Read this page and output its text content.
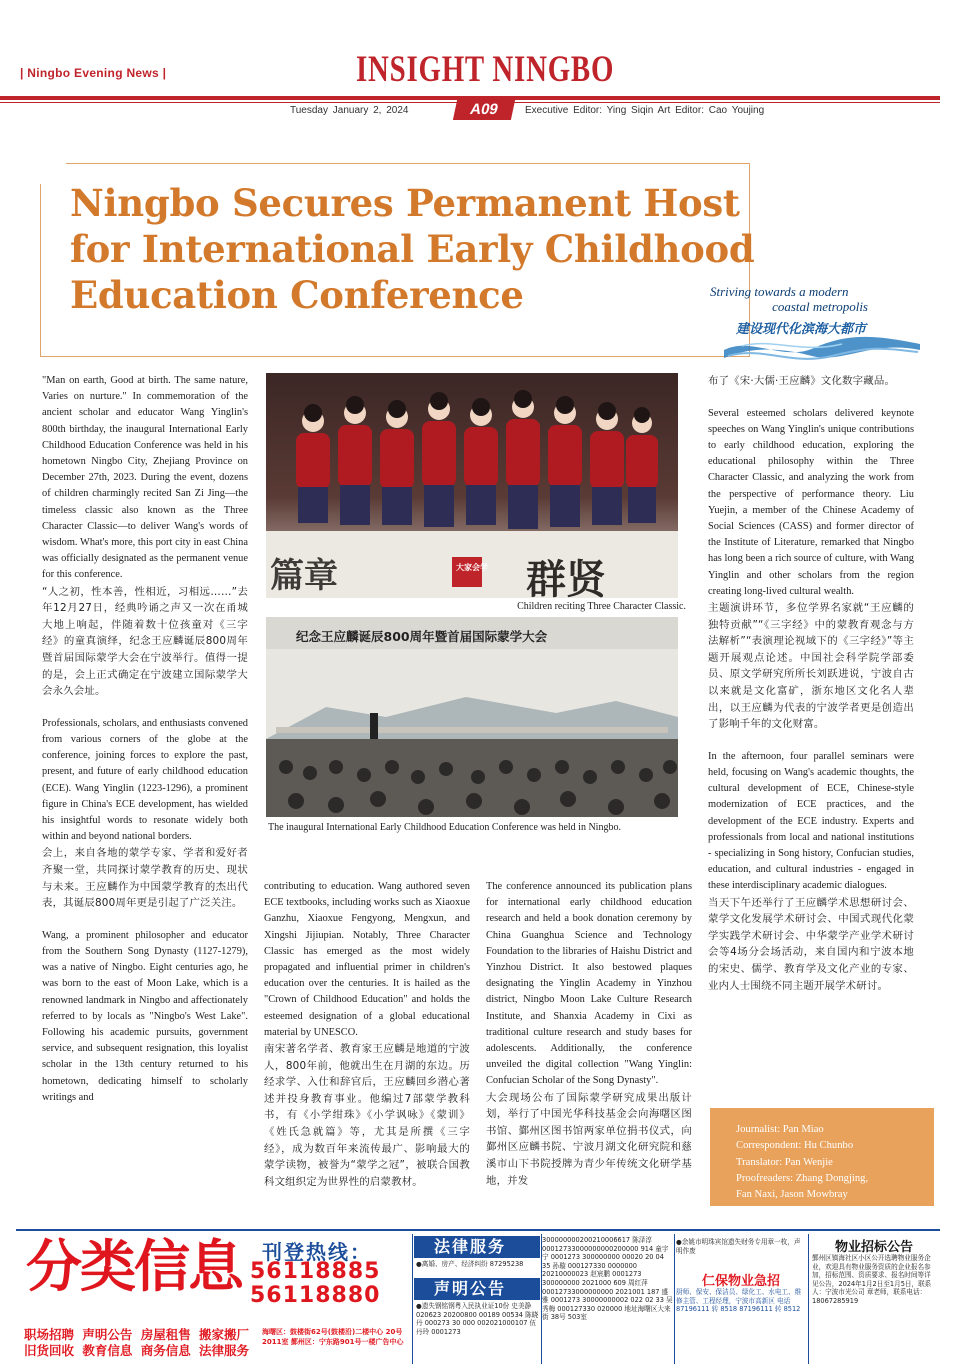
| Ningbo Evening News |	INSIGHT NINGBO
A09
Tuesday January 2, 2024	Executive Editor: Ying Siqin Art Editor: Cao Youjing
Ningbo Secures Permanent Host for International Early Childhood Education Conference	Striving towards a modern
coastal metropolis
建设现代化滨海大都市

"Man on earth, Good at birth. The same nature, Varies on nurture." In commemoration of the ancient scholar and educator Wang Yinglin's 800th birthday, the inaugural International Early Childhood Education Conference was held in his hometown Ningbo City, Zhejiang Province on December 27th, 2023. During the event, dozens of children charmingly recited San Zi Jing—the timeless classic also known as the Three Character Classic—to deliver Wang's words of wisdom. What's more, this port city in east China was officially designated as the permanent venue for this conference.

“人之初，性本善，性相近，习相远……”去年12月27日，经典吟诵之声又一次在甬城大地上响起，伴随着数十位孩童对《三字经》的童真演绎，纪念王应麟诞辰800周年暨首届国际蒙学大会在宁波举行。值得一提的是，会上正式确定在宁波建立国际蒙学大会永久会址。

Professionals, scholars, and enthusiasts convened from various corners of the globe at the conference, joining forces to explore the past, present, and future of early childhood education (ECE). Wang Yinglin (1223-1296), a prominent figure in China's ECE development, has wielded his insightful words to resonate widely both within and beyond national borders.

会上，来自各地的蒙学专家、学者和爱好者齐聚一堂，共同探讨蒙学教育的历史、现状与未来。王应麟作为中国蒙学教育的杰出代表，其诞辰800周年更是引起了广泛关注。

Wang, a prominent philosopher and educator from the Southern Song Dynasty (1127-1279), was a native of Ningbo. Eight centuries ago, he was born to the east of Moon Lake, which is a renowned landmark in Ningbo and affectionately referred to by locals as "Ningbo's West Lake". Following his academic pursuits, government service, and subsequent resignation, this loyalist scholar in the 13th century returned to his hometown, dedicating himself to scholarly writings and

篇章	大家会学 群贤
Children reciting Three Character Classic.
纪念王应麟诞辰800周年暨首届国际蒙学大会
The inaugural International Early Childhood Education Conference was held in Ningbo.

contributing to education. Wang authored seven ECE textbooks, including works such as Xiaoxue Ganzhu, Xiaoxue Fengyong, Mengxun, and Xingshi Jijiupian. Notably, Three Character Classic has emerged as the most widely propagated and influential primer in children's education over the centuries. It is hailed as the "Crown of Childhood Education" and holds the esteemed designation of a global educational material by UNESCO.

南宋著名学者、教育家王应麟是地道的宁波人，800年前，他就出生在月湖的东边。历经求学、入仕和辞官后，王应麟回乡潜心著述并投身教育事业。他编过7部蒙学教科书，有《小学绀珠》《小学讽咏》《蒙训》《姓氏急就篇》等，尤其是所撰《三字经》，成为数百年来流传最广、影响最大的蒙学读物，被誉为“蒙学之冠”，被联合国教科文组织定为世界性的启蒙教材。

The conference announced its publication plans for international early childhood education research and held a book donation ceremony by China Guanghua Science and Technology Foundation to the libraries of Haishu District and Yinzhou District. It also bestowed plaques designating the Yinglin Academy in Yinzhou district, Ningbo Moon Lake Culture Research Institute, and Shanxia Academy in Cixi as traditional culture research and study bases for adolescents. Additionally, the conference unveiled the digital collection "Wang Yinglin: Confucian Scholar of the Song Dynasty".

大会现场公布了国际蒙学研究成果出版计划，举行了中国光华科技基金会向海曙区图书馆、鄞州区图书馆两家单位捐书仪式，向鄞州区应麟书院、宁波月湖文化研究院和慈溪市山下书院授牌为青少年传统文化研学基地，并发

布了《宋·大儒·王应麟》文化数字藏品。

Several esteemed scholars delivered keynote speeches on Wang Yinglin's unique contributions to early childhood education, exploring the educational philosophy within the Three Character Classic, and analyzing the work from the perspective of performance theory. Liu Yuejin, a member of the Chinese Academy of Social Sciences (CASS) and former director of the Institute of Literature, remarked that Ningbo has long been a rich source of culture, with Wang Yinglin and other scholars from the region creating long-lived cultural wealth.

主题演讲环节，多位学界名家就“王应麟的独特贡献”“《三字经》中的蒙教育观念与方法解析”“表演理论视域下的《三字经》”等主题开展观点论述。中国社会科学院学部委员、原文学研究所所长刘跃进说，宁波自古以来就是文化富矿，浙东地区文化名人辈出，以王应麟为代表的宁波学者更是创造出了影响千年的文化财富。

In the afternoon, four parallel seminars were held, focusing on Wang's academic thoughts, the cultural development of ECE, Chinese-style modernization of ECE practices, and the development of the ECE industry. Experts and professionals from local and national institutions - specializing in Song history, Confucian studies, education, and cultural industries - engaged in these interdisciplinary academic dialogues.

当天下午还举行了王应麟学术思想研讨会、蒙学文化发展学术研讨会、中国式现代化蒙学实践学术研讨会、中华蒙学产业学术研讨会等4场分会场活动，来自国内和宁波本地的宋史、儒学、教育学及文化产业的专家、业内人士围绕不同主题开展学术研讨。

Journalist: Pan Miao
Correspondent: Hu Chunbo
Translator: Pan Wenjie
Proofreaders: Zhang Dongjing,
Fan Naxi, Jason Mowbray
分类信息 刊登热线：
56118885
56118880
职场招聘 声明公告 房屋租售 搬家搬厂
旧货回收 教育信息 商务信息 法律服务
海曙区：鼓楼街62号(鼓楼沿)二楼中心 20号2011室 鄞州区：宁东路901号一楼广告中心
法律服务
●离婚、房产、经济纠纷 87295238
声明公告
●遗失钢铭钢粤入民执业证10份 史美静 020623 20200800 00189 00534 陈晓丹 000273 30 000 002021000107 伍丹玲 0001273
300000000200210006617 陈泽淳 00012733000000000200000 914 童宇宁 0001273 300000000 00020 20 04 35 孙璇 000127330 0000000 20210000023 赵宸鹏 0001273 300000000 2021000 609 周红萍 00012733000000000 2021001 187 盛雅 0001273 30000000002 022 02 33 吴秀梅 000127330 020000 地址海曙区大来街 38号 503室
●余姚市明珠宾馆遗失财务专用章一枚，声明作废
仁保物业急招
厨师、保安、保洁员、绿化工、水电工、维修主管、工程经理，宁波市高新区 电话 87196111 转 8518 87196111 转 8512
物业招标公告
鄞州区镇海社区小区公开选聘物业服务企业，欢迎具有物业服务资质的企业报名参加，招标范围、资质要求、报名时间等详见公告，2024年1月2日至1月5日，联系人：宁波市光公司 章老师，联系电话：18067285919
